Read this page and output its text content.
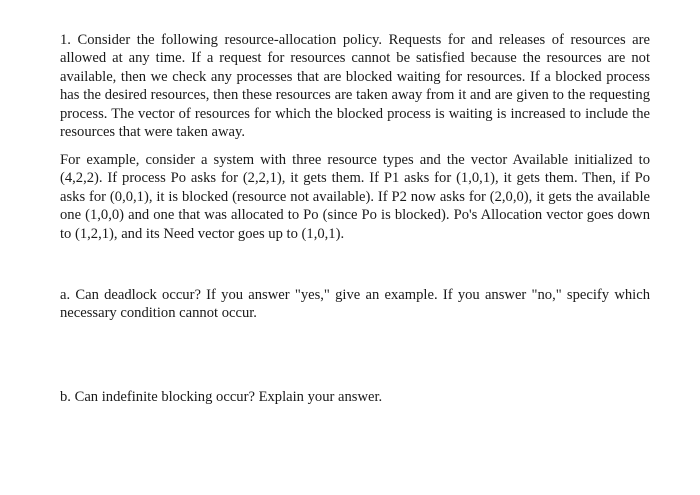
1. Consider the following resource-allocation policy. Requests for and releases of resources are allowed at any time. If a request for resources cannot be satisfied because the resources are not available, then we check any processes that are blocked waiting for resources. If a blocked process has the desired resources, then these resources are taken away from it and are given to the requesting process. The vector of resources for which the blocked process is waiting is increased to include the resources that were taken away.

For example, consider a system with three resource types and the vector Available initialized to (4,2,2). If process Po asks for (2,2,1), it gets them. If P1 asks for (1,0,1), it gets them. Then, if Po asks for (0,0,1), it is blocked (resource not available). If P2 now asks for (2,0,0), it gets the available one (1,0,0) and one that was allocated to Po (since Po is blocked). Po's Allocation vector goes down to (1,2,1), and its Need vector goes up to (1,0,1).

a. Can deadlock occur? If you answer "yes," give an example. If you answer "no," specify which necessary condition cannot occur.

b. Can indefinite blocking occur? Explain your answer.
